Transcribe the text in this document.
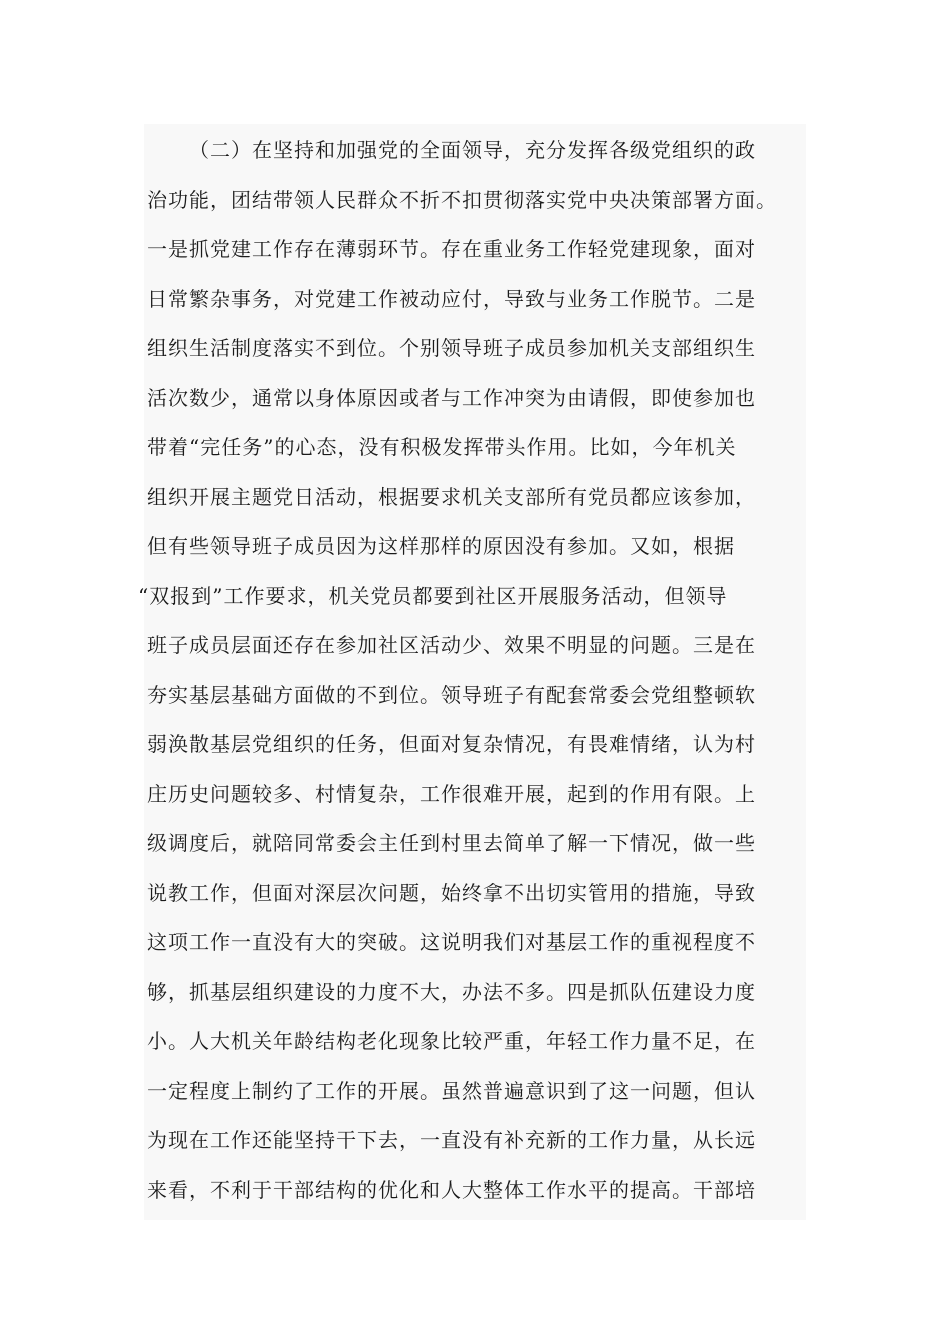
（二）在坚持和加强党的全面领导，充分发挥各级党组织的政
治功能，团结带领人民群众不折不扣贯彻落实党中央决策部署方面。
一是抓党建工作存在薄弱环节。存在重业务工作轻党建现象，面对
日常繁杂事务，对党建工作被动应付，导致与业务工作脱节。二是
组织生活制度落实不到位。个别领导班子成员参加机关支部组织生
活次数少，通常以身体原因或者与工作冲突为由请假，即使参加也
带着“完任务”的心态，没有积极发挥带头作用。比如，今年机关
组织开展主题党日活动，根据要求机关支部所有党员都应该参加，
但有些领导班子成员因为这样那样的原因没有参加。又如，根据
“双报到”工作要求，机关党员都要到社区开展服务活动，但领导
班子成员层面还存在参加社区活动少、效果不明显的问题。三是在
夯实基层基础方面做的不到位。领导班子有配套常委会党组整顿软
弱涣散基层党组织的任务，但面对复杂情况，有畏难情绪，认为村
庄历史问题较多、村情复杂，工作很难开展，起到的作用有限。上
级调度后，就陪同常委会主任到村里去简单了解一下情况，做一些
说教工作，但面对深层次问题，始终拿不出切实管用的措施，导致
这项工作一直没有大的突破。这说明我们对基层工作的重视程度不
够，抓基层组织建设的力度不大，办法不多。四是抓队伍建设力度
小。人大机关年龄结构老化现象比较严重，年轻工作力量不足，在
一定程度上制约了工作的开展。虽然普遍意识到了这一问题，但认
为现在工作还能坚持干下去，一直没有补充新的工作力量，从长远
来看，不利于干部结构的优化和人大整体工作水平的提高。干部培
